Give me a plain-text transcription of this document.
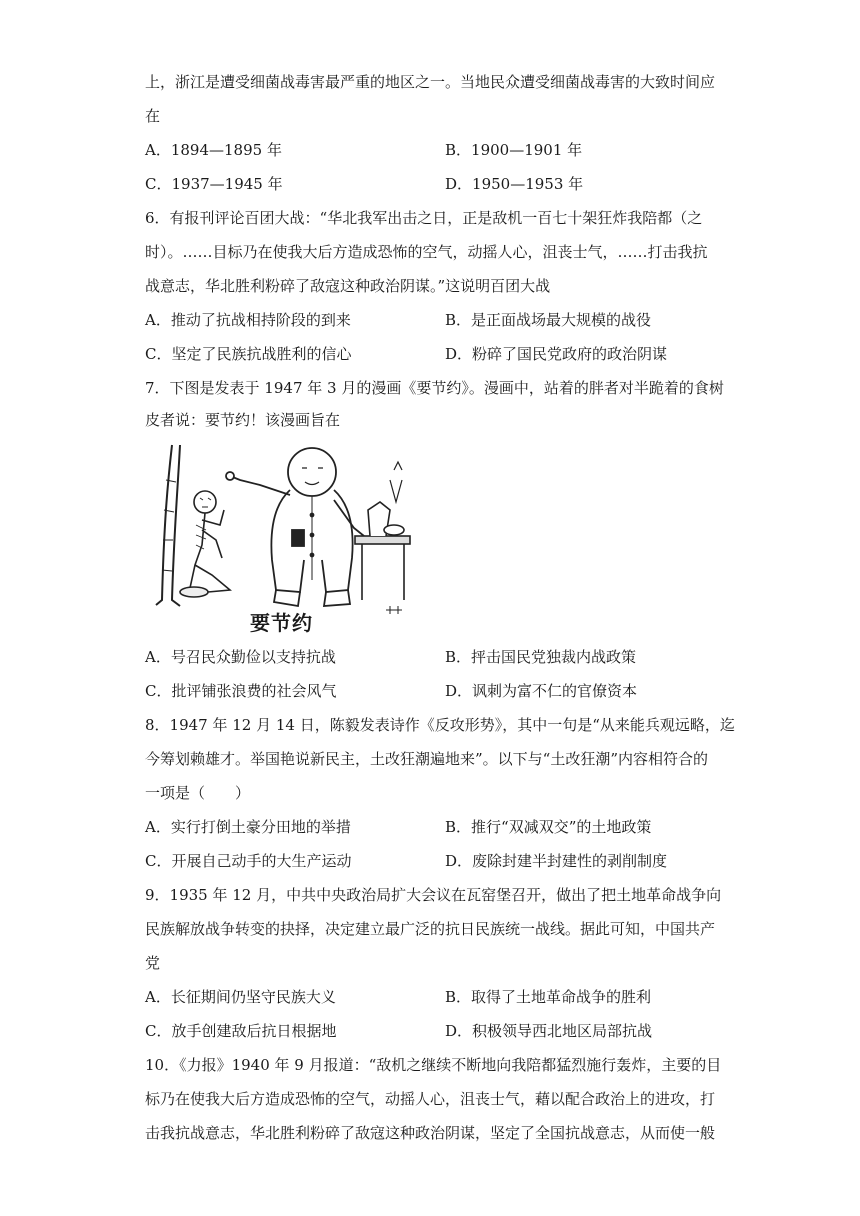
上，浙江是遭受细菌战毒害最严重的地区之一。当地民众遭受细菌战毒害的大致时间应
在
A．1894—1895 年	B．1900—1901 年
C．1937—1945 年	D．1950—1953 年
6．有报刊评论百团大战：“华北我军出击之日，正是敌机一百七十架狂炸我陪都（之
时）。……目标乃在使我大后方造成恐怖的空气，动摇人心，沮丧士气，……打击我抗
战意志，华北胜利粉碎了敌寇这种政治阴谋。”这说明百团大战
A．推动了抗战相持阶段的到来	B．是正面战场最大规模的战役
C．坚定了民族抗战胜利的信心	D．粉碎了国民党政府的政治阴谋
7．下图是发表于 1947 年 3 月的漫画《要节约》。漫画中，站着的胖者对半跪着的食树
皮者说：要节约！该漫画旨在
要节约
A．号召民众勤俭以支持抗战	B．抨击国民党独裁内战政策
C．批评铺张浪费的社会风气	D．讽刺为富不仁的官僚资本
8．1947 年 12 月 14 日，陈毅发表诗作《反攻形势》，其中一句是“从来能兵观远略，迄
今筹划赖雄才。举国艳说新民主，土改狂潮遍地来”。以下与“土改狂潮”内容相符合的
一项是（　　）
A．实行打倒土豪分田地的举措	B．推行“双减双交”的土地政策
C．开展自己动手的大生产运动	D．废除封建半封建性的剥削制度
9．1935 年 12 月，中共中央政治局扩大会议在瓦窑堡召开，做出了把土地革命战争向
民族解放战争转变的抉择，决定建立最广泛的抗日民族统一战线。据此可知，中国共产
党
A．长征期间仍坚守民族大义	B．取得了土地革命战争的胜利
C．放手创建敌后抗日根据地	D．积极领导西北地区局部抗战
10．《力报》1940 年 9 月报道：“敌机之继续不断地向我陪都猛烈施行轰炸，主要的目
标乃在使我大后方造成恐怖的空气，动摇人心，沮丧士气，藉以配合政治上的进攻，打
击我抗战意志，华北胜利粉碎了敌寇这种政治阴谋，坚定了全国抗战意志，从而使一般
